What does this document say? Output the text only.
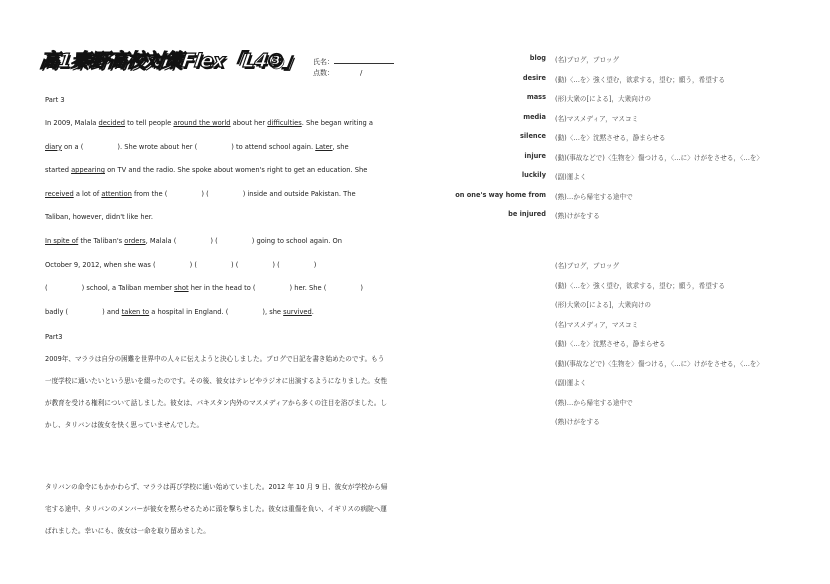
高1秦野高校対策Flex「L4③」 氏名：
点数：	/
Part 3
In 2009, Malala decided to tell people around the world about her difficulties. She began writing a
diary on a (	). She wrote about her (	) to attend school again. Later, she
started appearing on TV and the radio. She spoke about women's right to get an education. She
received a lot of attention from the (	) (	) inside and outside Pakistan. The
Taliban, however, didn't like her.
In spite of the Taliban's orders, Malala (	) (	) going to school again. On
October 9, 2012, when she was (	) (	) (	) (	)
(	) school, a Taliban member shot her in the head to (	) her. She (	)
badly (	) and taken to a hospital in England. (	), she survived.
Part3

2009年、マララは自分の困難を世界中の人々に伝えようと決心しました。ブログで日記を書き始めたのです。もう一度学校に通いたいという思いを綴ったのです。その後、彼女はテレビやラジオに出演するようになりました。女性が教育を受ける権利について話しました。彼女は、パキスタン内外のマスメディアから多くの注目を浴びました。しかし、タリバンは彼女を快く思っていませんでした。

タリバンの命令にもかかわらず、マララは再び学校に通い始めていました。2012 年 10 月 9 日、彼女が学校から帰宅する途中、タリバンのメンバーが彼女を黙らせるために頭を撃ちました。彼女は重傷を負い、イギリスの病院へ運ばれました。幸いにも、彼女は一命を取り留めました。

blog (名)ブログ，ブロッグ
desire (動)〈…を〉強く望む，欲求する，望む；願う，希望する
mass (形)大衆の[による]，大衆向けの
media (名)マスメディア，マスコミ
silence (動)〈…を〉沈黙させる，静まらせる
injure (動)(事故などで)〈生物を〉傷つける，〈…に〉けがをさせる，〈…を〉
luckily (副)運よく
on one's way home from (熟)…から帰宅する途中で
be injured (熟)けがをする
(名)ブログ，ブロッグ
(動)〈…を〉強く望む，欲求する，望む；願う，希望する
(形)大衆の[による]，大衆向けの
(名)マスメディア，マスコミ
(動)〈…を〉沈黙させる，静まらせる
(動)(事故などで)〈生物を〉傷つける，〈…に〉けがをさせる，〈…を〉
(副)運よく
(熟)…から帰宅する途中で
(熟)けがをする
